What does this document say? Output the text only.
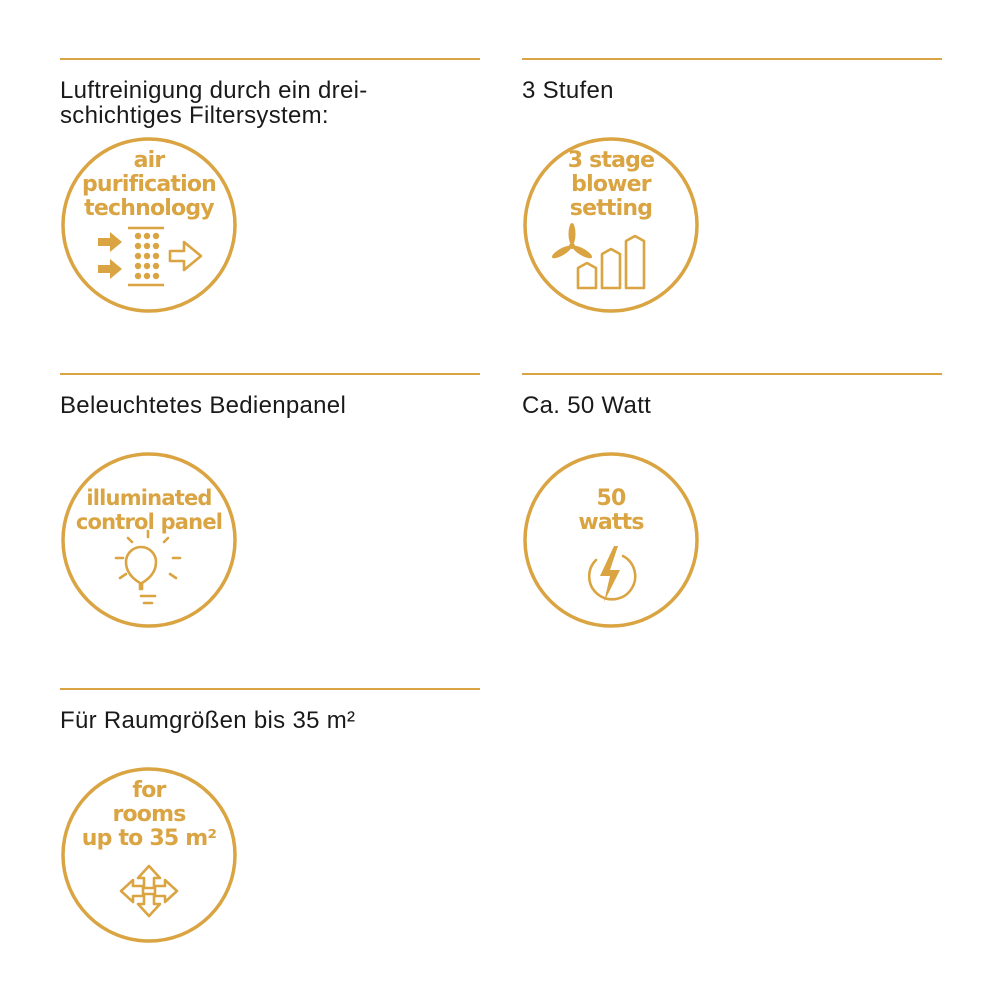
Luftreinigung durch ein drei-
schichtiges Filtersystem:
air
purification
technology
3 Stufen
3 stage
blower
setting
Beleuchtetes Bedienpanel
illuminated
control panel
Ca. 50 Watt
50
watts
Für Raumgrößen bis 35 m²
for
rooms
up to 35 m²
